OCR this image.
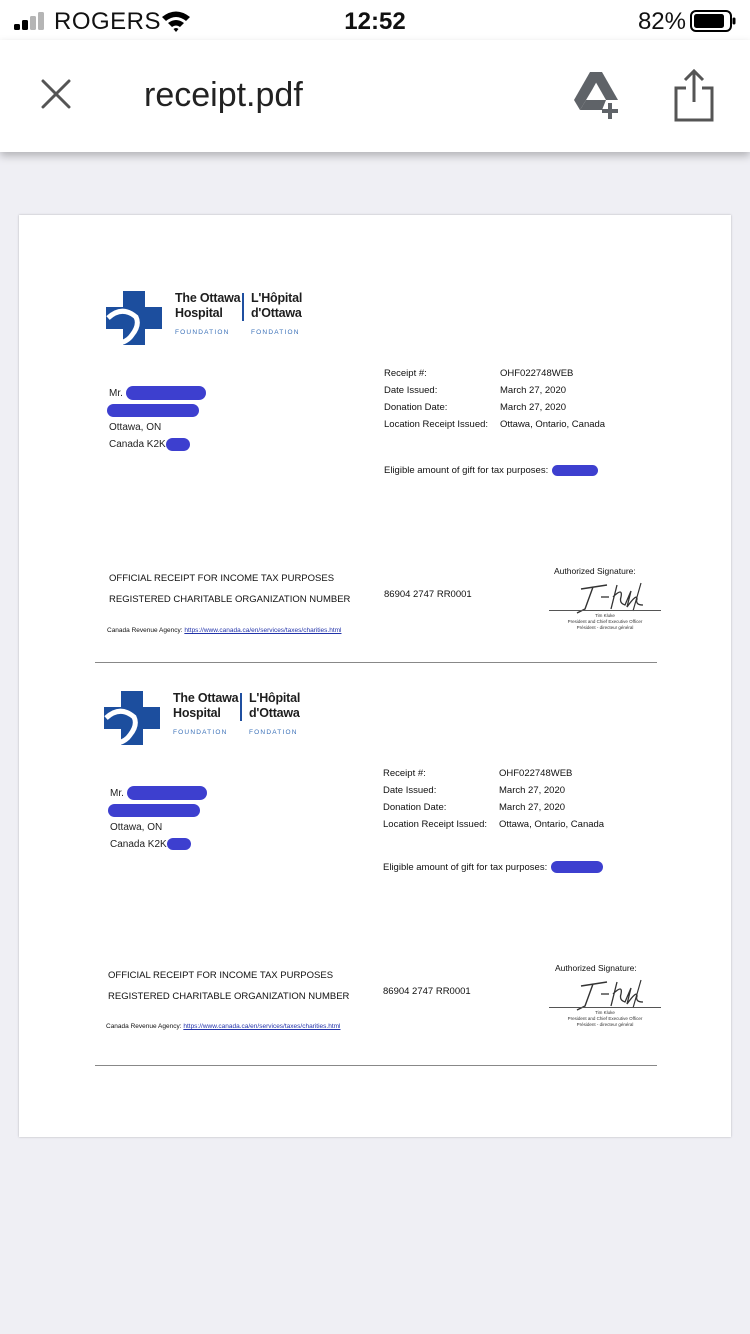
ROGERS	12:52	82%
receipt.pdf
The Ottawa
Hospital
L'Hôpital
d'Ottawa
FOUNDATION	FONDATION
Mr.
Ottawa, ON
Canada K2K
Receipt #:	OHF022748WEB
Date Issued:	March 27, 2020
Donation Date:	March 27, 2020
Location Receipt Issued:	Ottawa, Ontario, Canada
Eligible amount of gift for tax purposes:
OFFICIAL RECEIPT FOR INCOME TAX PURPOSES
REGISTERED CHARITABLE ORGANIZATION NUMBER	86904 2747 RR0001
Canada Revenue Agency: https://www.canada.ca/en/services/taxes/charities.html
Authorized Signature:
Tim Kluke
President and Chief Executive Officer
Président - directeur général
The Ottawa
Hospital
L'Hôpital
d'Ottawa
FOUNDATION	FONDATION
Mr.
Ottawa, ON
Canada K2K
Receipt #:	OHF022748WEB
Date Issued:	March 27, 2020
Donation Date:	March 27, 2020
Location Receipt Issued:	Ottawa, Ontario, Canada
Eligible amount of gift for tax purposes:
OFFICIAL RECEIPT FOR INCOME TAX PURPOSES
REGISTERED CHARITABLE ORGANIZATION NUMBER	86904 2747 RR0001
Canada Revenue Agency: https://www.canada.ca/en/services/taxes/charities.html
Authorized Signature:
Tim Kluke
President and Chief Executive Officer
Président - directeur général
